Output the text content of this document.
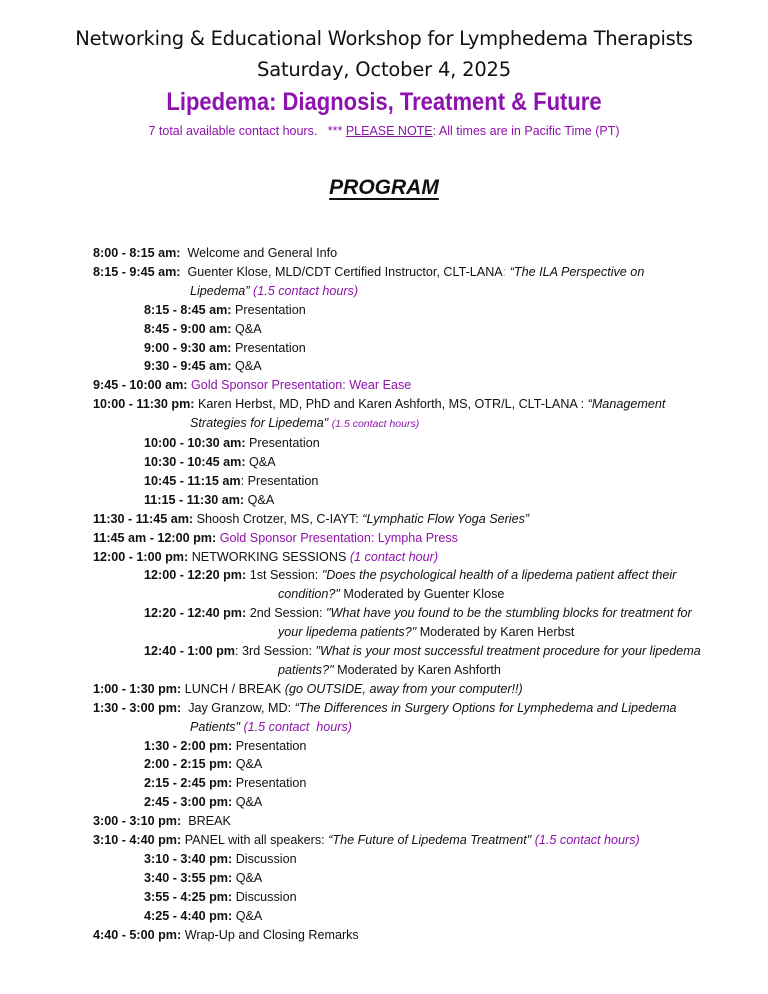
Networking & Educational Workshop for Lymphedema Therapists
Saturday, October 4, 2025
Lipedema: Diagnosis, Treatment & Future
7 total available contact hours.   *** PLEASE NOTE: All times are in Pacific Time (PT)
PROGRAM
8:00 - 8:15 am: Welcome and General Info
8:15 - 9:45 am: Guenter Klose, MLD/CDT Certified Instructor, CLT-LANA: “The ILA Perspective on
Lipedema” (1.5 contact hours)
8:15 - 8:45 am: Presentation
8:45 - 9:00 am: Q&A
9:00 - 9:30 am: Presentation
9:30 - 9:45 am: Q&A
9:45 - 10:00 am: Gold Sponsor Presentation: Wear Ease
10:00 - 11:30 pm: Karen Herbst, MD, PhD and Karen Ashforth, MS, OTR/L, CLT-LANA : “Management
Strategies for Lipedema" (1.5 contact hours)
10:00 - 10:30 am: Presentation
10:30 - 10:45 am: Q&A
10:45 - 11:15 am: Presentation
11:15 - 11:30 am: Q&A
11:30 - 11:45 am: Shoosh Crotzer, MS, C-IAYT: “Lymphatic Flow Yoga Series”
11:45 am - 12:00 pm: Gold Sponsor Presentation: Lympha Press
12:00 - 1:00 pm: NETWORKING SESSIONS (1 contact hour)
12:00 - 12:20 pm: 1st Session: "Does the psychological health of a lipedema patient affect their
condition?" Moderated by Guenter Klose
12:20 - 12:40 pm: 2nd Session: "What have you found to be the stumbling blocks for treatment for
your lipedema patients?" Moderated by Karen Herbst
12:40 - 1:00 pm: 3rd Session: "What is your most successful treatment procedure for your lipedema
patients?" Moderated by Karen Ashforth
1:00 - 1:30 pm: LUNCH / BREAK (go OUTSIDE, away from your computer!!)
1:30 - 3:00 pm: Jay Granzow, MD: “The Differences in Surgery Options for Lymphedema and Lipedema
Patients" (1.5 contact  hours)
1:30 - 2:00 pm: Presentation
2:00 - 2:15 pm: Q&A
2:15 - 2:45 pm: Presentation
2:45 - 3:00 pm: Q&A
3:00 - 3:10 pm: BREAK
3:10 - 4:40 pm: PANEL with all speakers: “The Future of Lipedema Treatment" (1.5 contact hours)
3:10 - 3:40 pm: Discussion
3:40 - 3:55 pm: Q&A
3:55 - 4:25 pm: Discussion
4:25 - 4:40 pm: Q&A
4:40 - 5:00 pm: Wrap-Up and Closing Remarks
